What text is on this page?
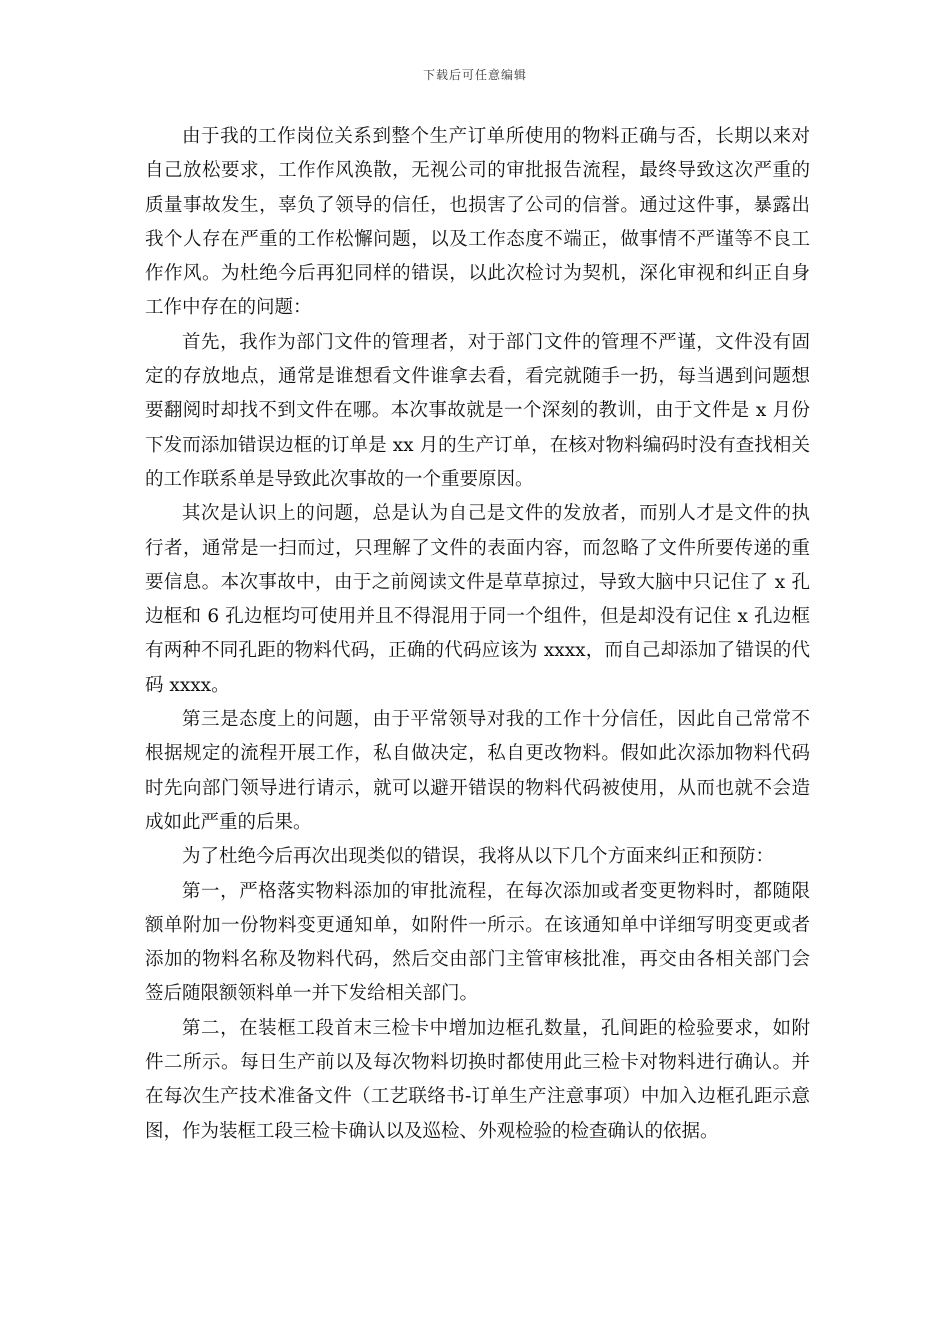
下载后可任意编辑

由于我的工作岗位关系到整个生产订单所使用的物料正确与否，长期以来对自己放松要求，工作作风涣散，无视公司的审批报告流程，最终导致这次严重的质量事故发生，辜负了领导的信任，也损害了公司的信誉。通过这件事，暴露出我个人存在严重的工作松懈问题，以及工作态度不端正，做事情不严谨等不良工作作风。为杜绝今后再犯同样的错误，以此次检讨为契机，深化审视和纠正自身工作中存在的问题：

首先，我作为部门文件的管理者，对于部门文件的管理不严谨，文件没有固定的存放地点，通常是谁想看文件谁拿去看，看完就随手一扔，每当遇到问题想要翻阅时却找不到文件在哪。本次事故就是一个深刻的教训，由于文件是 x 月份下发而添加错误边框的订单是 xx 月的生产订单，在核对物料编码时没有查找相关的工作联系单是导致此次事故的一个重要原因。

其次是认识上的问题，总是认为自己是文件的发放者，而别人才是文件的执行者，通常是一扫而过，只理解了文件的表面内容，而忽略了文件所要传递的重要信息。本次事故中，由于之前阅读文件是草草掠过，导致大脑中只记住了 x 孔边框和 6 孔边框均可使用并且不得混用于同一个组件，但是却没有记住 x 孔边框有两种不同孔距的物料代码，正确的代码应该为 xxxx，而自己却添加了错误的代码 xxxx。

第三是态度上的问题，由于平常领导对我的工作十分信任，因此自己常常不根据规定的流程开展工作，私自做决定，私自更改物料。假如此次添加物料代码时先向部门领导进行请示，就可以避开错误的物料代码被使用，从而也就不会造成如此严重的后果。

为了杜绝今后再次出现类似的错误，我将从以下几个方面来纠正和预防：

第一，严格落实物料添加的审批流程，在每次添加或者变更物料时，都随限额单附加一份物料变更通知单，如附件一所示。在该通知单中详细写明变更或者添加的物料名称及物料代码，然后交由部门主管审核批准，再交由各相关部门会签后随限额领料单一并下发给相关部门。

第二，在装框工段首末三检卡中增加边框孔数量，孔间距的检验要求，如附件二所示。每日生产前以及每次物料切换时都使用此三检卡对物料进行确认。并在每次生产技术准备文件（工艺联络书-订单生产注意事项）中加入边框孔距示意图，作为装框工段三检卡确认以及巡检、外观检验的检查确认的依据。
